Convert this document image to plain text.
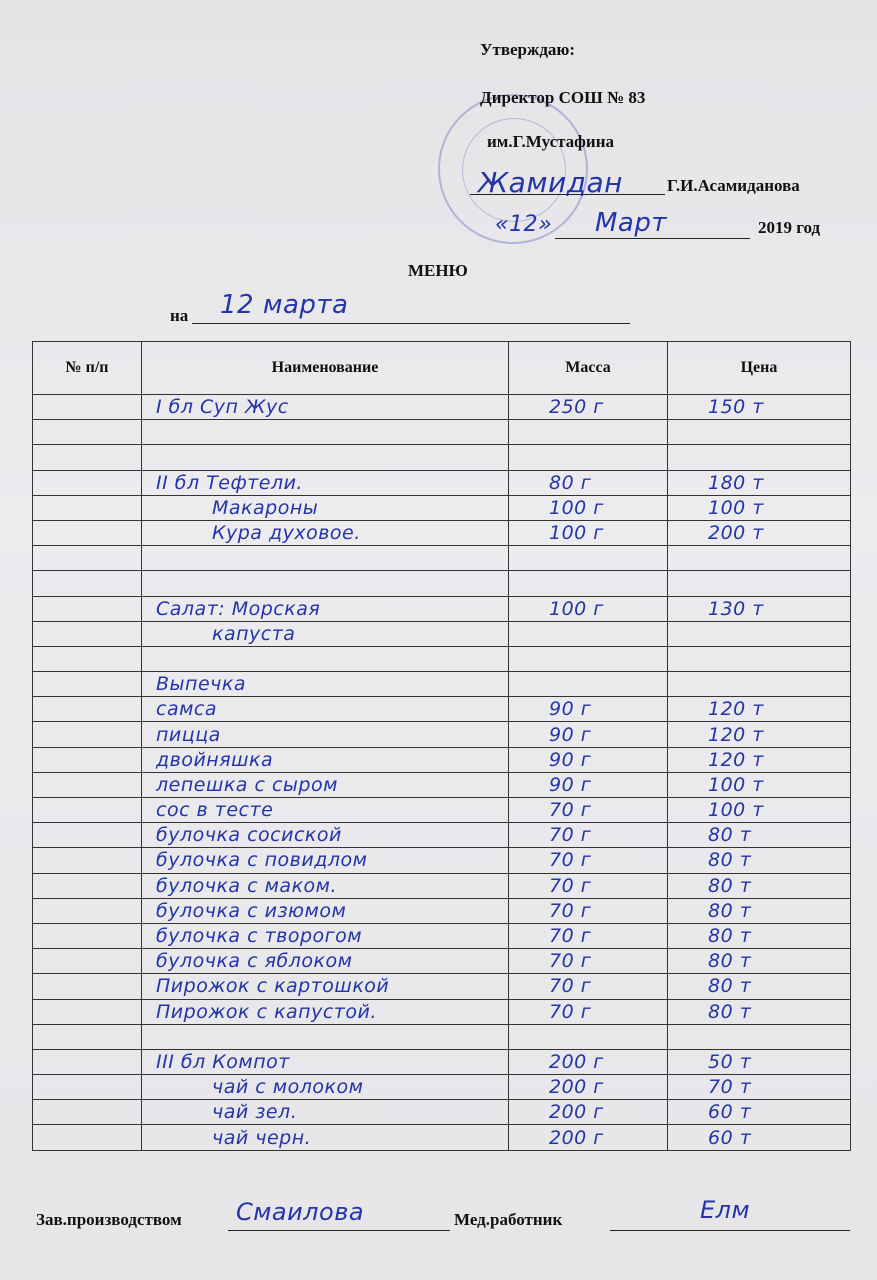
Утверждаю:
Директор СОШ № 83
им.Г.Мустафина
Жамидан	Г.И.Асамиданова
«12» Март	2019 год
МЕНЮ
на 12 марта
№ п/п	Наименование	Масса	Цена
	I бл Суп Жус	250 г	150 т

	II бл Тефтели.	80 г	180 т
	Макароны	100 г	100 т
	Кура духовое.	100 г	200 т

	Салат: Морская	100 г	130 т
	капуста		

	Выпечка		
	самса	90 г	120 т
	пицца	90 г	120 т
	двойняшка	90 г	120 т
	лепешка с сыром	90 г	100 т
	сос в тесте	70 г	100 т
	булочка сосиской	70 г	80 т
	булочка с повидлом	70 г	80 т
	булочка с маком.	70 г	80 т
	булочка с изюмом	70 г	80 т
	булочка с творогом	70 г	80 т
	булочка с яблоком	70 г	80 т
	Пирожок с картошкой	70 г	80 т
	Пирожок с капустой.	70 г	80 т

	III бл Компот	200 г	50 т
	чай с молоком	200 г	70 т
	чай зел.	200 г	60 т
	чай черн.	200 г	60 т
Зав.производством Смаилова	Мед.работник	Елм
